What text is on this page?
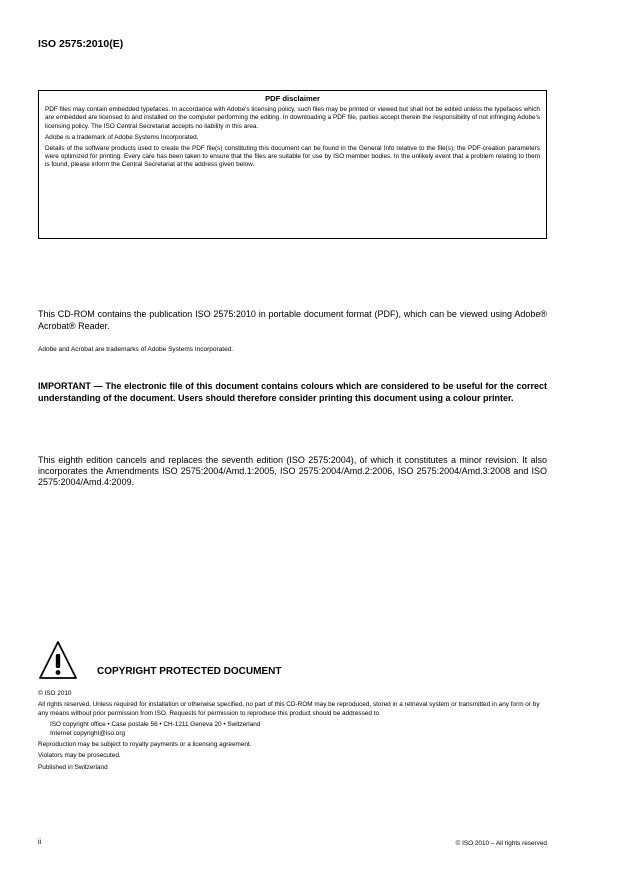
ISO 2575:2010(E)
PDF disclaimer

PDF files may contain embedded typefaces. In accordance with Adobe's licensing policy, such files may be printed or viewed but shall not be edited unless the typefaces which are embedded are licensed to and installed on the computer performing the editing. In downloading a PDF file, parties accept therein the responsibility of not infringing Adobe's licensing policy. The ISO Central Secretariat accepts no liability in this area.

Adobe is a trademark of Adobe Systems Incorporated.

Details of the software products used to create the PDF file(s) constituting this document can be found in the General Info relative to the file(s); the PDF-creation parameters were optimized for printing. Every care has been taken to ensure that the files are suitable for use by ISO member bodies. In the unlikely event that a problem relating to them is found, please inform the Central Secretariat at the address given below.

This CD-ROM contains the publication ISO 2575:2010 in portable document format (PDF), which can be viewed using Adobe® Acrobat® Reader.
Adobe and Acrobat are trademarks of Adobe Systems Incorporated.
IMPORTANT — The electronic file of this document contains colours which are considered to be useful for the correct understanding of the document. Users should therefore consider printing this document using a colour printer.
This eighth edition cancels and replaces the seventh edition (ISO 2575:2004), of which it constitutes a minor revision. It also incorporates the Amendments ISO 2575:2004/Amd.1:2005, ISO 2575:2004/Amd.2:2006, ISO 2575:2004/Amd.3:2008 and ISO 2575:2004/Amd.4:2009.
COPYRIGHT PROTECTED DOCUMENT

© ISO 2010

All rights reserved. Unless required for installation or otherwise specified, no part of this CD-ROM may be reproduced, stored in a retrieval system or transmitted in any form or by any means without prior permission from ISO. Requests for permission to reproduce this product should be addressed to

ISO copyright office • Case postale 56 • CH-1211 Geneva 20 • Switzerland

Internet copyright@iso.org

Reproduction may be subject to royalty payments or a licensing agreement.

Violators may be prosecuted.

Published in Switzerland

ii	© ISO 2010 – All rights reserved
